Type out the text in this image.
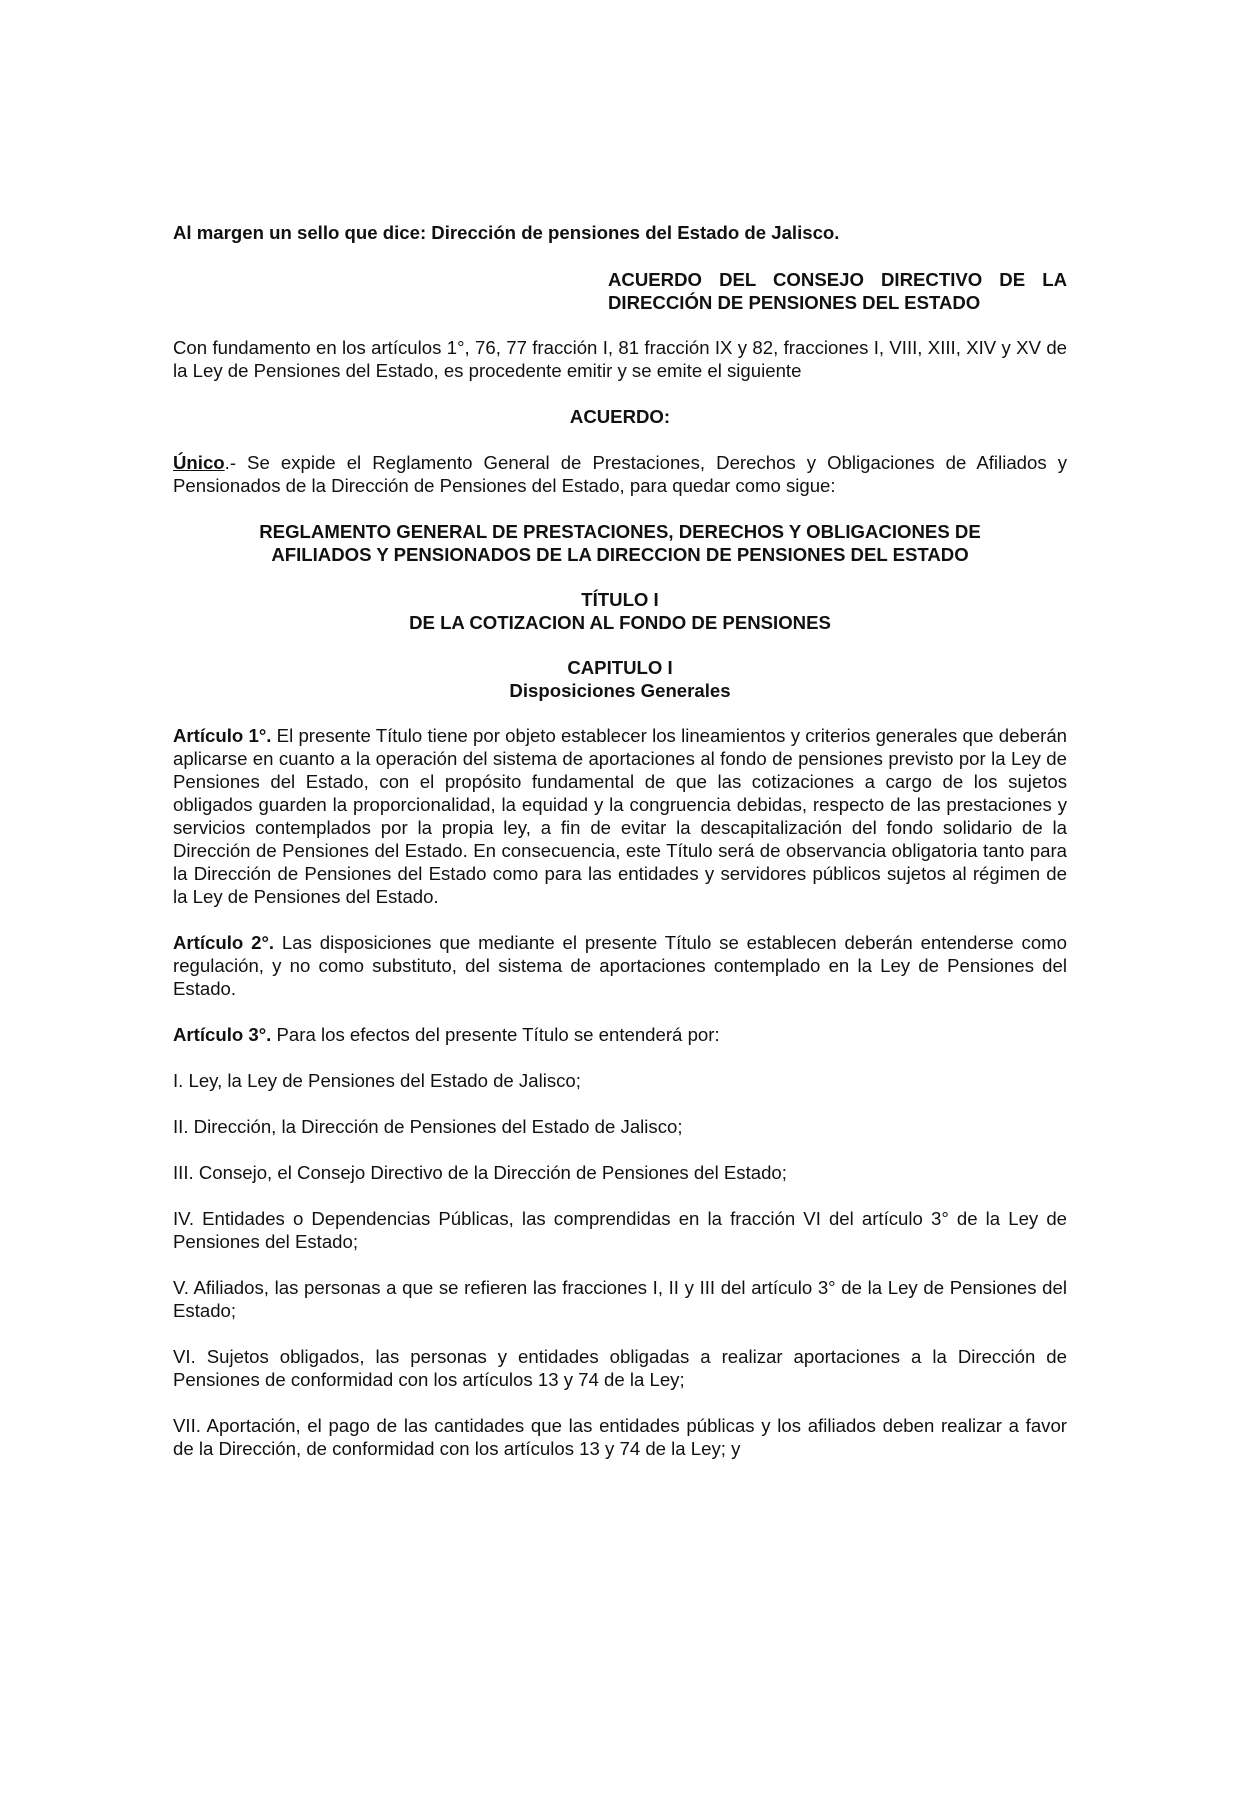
Al margen un sello que dice: Dirección de pensiones del Estado de Jalisco.

ACUERDO DEL CONSEJO DIRECTIVO DE LA DIRECCIÓN DE PENSIONES DEL ESTADO

Con fundamento en los artículos 1°, 76, 77 fracción I, 81 fracción IX y 82, fracciones I, VIII, XIII, XIV y XV de la Ley de Pensiones del Estado, es procedente emitir y se emite el siguiente

ACUERDO:

Único.- Se expide el Reglamento General de Prestaciones, Derechos y Obligaciones de Afiliados y Pensionados de la Dirección de Pensiones del Estado, para quedar como sigue:

REGLAMENTO GENERAL DE PRESTACIONES, DERECHOS Y OBLIGACIONES DE
AFILIADOS Y PENSIONADOS DE LA DIRECCION DE PENSIONES DEL ESTADO
TÍTULO I
DE LA COTIZACION AL FONDO DE PENSIONES
CAPITULO I
Disposiciones Generales

Artículo 1°. El presente Título tiene por objeto establecer los lineamientos y criterios generales que deberán aplicarse en cuanto a la operación del sistema de aportaciones al fondo de pensiones previsto por la Ley de Pensiones del Estado, con el propósito fundamental de que las cotizaciones a cargo de los sujetos obligados guarden la proporcionalidad, la equidad y la congruencia debidas, respecto de las prestaciones y servicios contemplados por la propia ley, a fin de evitar la descapitalización del fondo solidario de la Dirección de Pensiones del Estado. En consecuencia, este Título será de observancia obligatoria tanto para la Dirección de Pensiones del Estado como para las entidades y servidores públicos sujetos al régimen de la Ley de Pensiones del Estado.

Artículo 2°. Las disposiciones que mediante el presente Título se establecen deberán entenderse como regulación, y no como substituto, del sistema de aportaciones contemplado en la Ley de Pensiones del Estado.

Artículo 3°. Para los efectos del presente Título se entenderá por:

I. Ley, la Ley de Pensiones del Estado de Jalisco;

II. Dirección, la Dirección de Pensiones del Estado de Jalisco;

III. Consejo, el Consejo Directivo de la Dirección de Pensiones del Estado;

IV. Entidades o Dependencias Públicas, las comprendidas en la fracción VI del artículo 3° de la Ley de Pensiones del Estado;

V. Afiliados, las personas a que se refieren las fracciones I, II y III del artículo 3° de la Ley de Pensiones del Estado;

VI. Sujetos obligados, las personas y entidades obligadas a realizar aportaciones a la Dirección de Pensiones de conformidad con los artículos 13 y 74 de la Ley;

VII. Aportación, el pago de las cantidades que las entidades públicas y los afiliados deben realizar a favor de la Dirección, de conformidad con los artículos 13 y 74 de la Ley; y
